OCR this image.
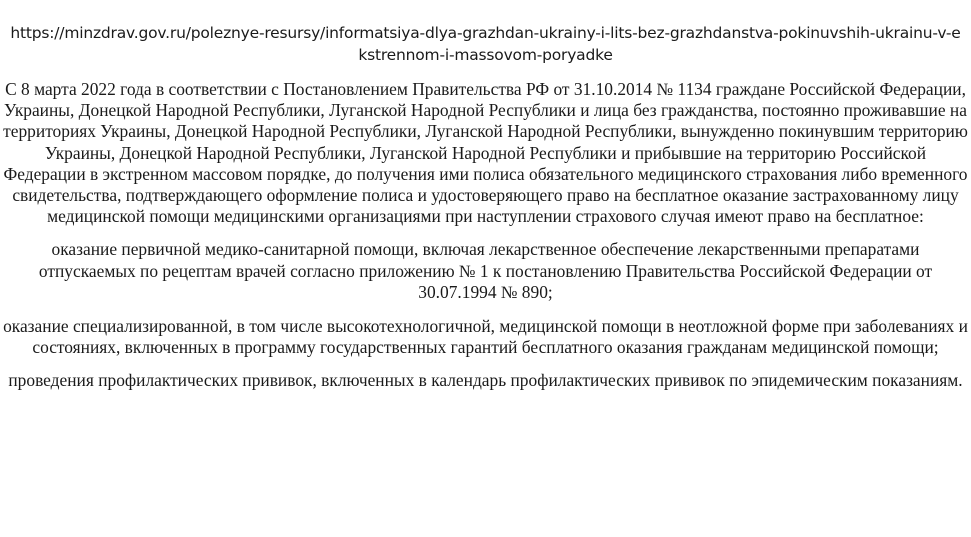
https://minzdrav.gov.ru/poleznye-resursy/informatsiya-dlya-grazhdan-ukrainy-i-lits-bez-grazhdanstva-pokinuvshih-ukrainu-v-ekstrennom-i-massovom-poryadke

С 8 марта 2022 года в соответствии с Постановлением Правительства РФ от 31.10.2014 № 1134 граждане Российской Федерации, Украины, Донецкой Народной Республики, Луганской Народной Республики и лица без гражданства, постоянно проживавшие на территориях Украины, Донецкой Народной Республики, Луганской Народной Республики, вынужденно покинувшим территорию Украины, Донецкой Народной Республики, Луганской Народной Республики и прибывшие на территорию Российской Федерации в экстренном массовом порядке, до получения ими полиса обязательного медицинского страхования либо временного свидетельства, подтверждающего оформление полиса и удостоверяющего право на бесплатное оказание застрахованному лицу медицинской помощи медицинскими организациями при наступлении страхового случая имеют право на бесплатное:

оказание первичной медико-санитарной помощи, включая лекарственное обеспечение лекарственными препаратами отпускаемых по рецептам врачей согласно приложению № 1 к постановлению Правительства Российской Федерации от 30.07.1994 № 890;

оказание специализированной, в том числе высокотехнологичной, медицинской помощи в неотложной форме при заболеваниях и состояниях, включенных в программу государственных гарантий бесплатного оказания гражданам медицинской помощи;

проведения профилактических прививок, включенных в календарь профилактических прививок по эпидемическим показаниям.
